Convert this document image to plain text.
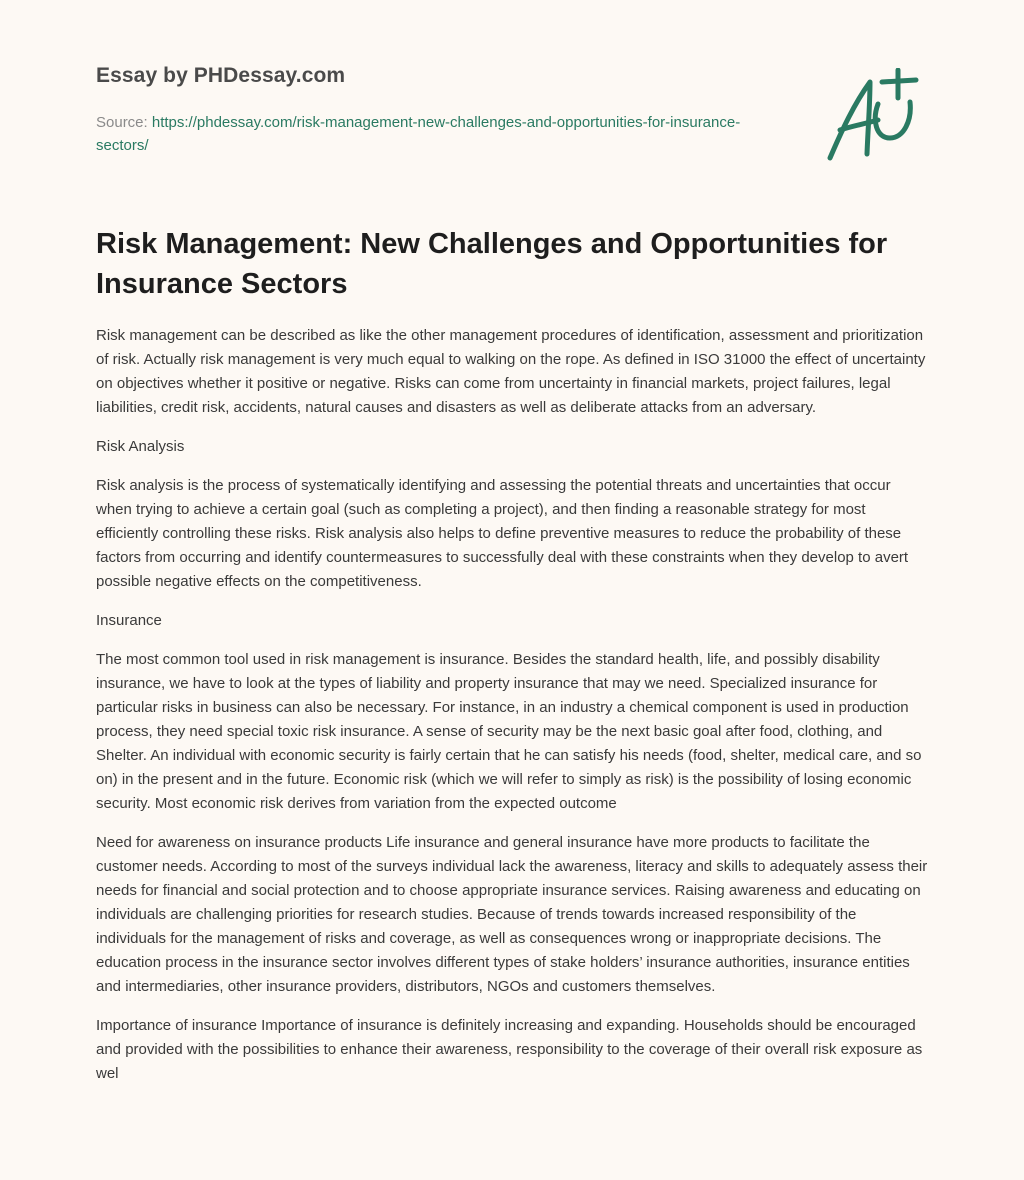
Essay by PHDessay.com

Source: https://phdessay.com/risk-management-new-challenges-and-opportunities-for-insurance-sectors/

Risk Management: New Challenges and Opportunities for Insurance Sectors

Risk management can be described as like the other management procedures of identification, assessment and prioritization of risk. Actually risk management is very much equal to walking on the rope. As defined in ISO 31000 the effect of uncertainty on objectives whether it positive or negative. Risks can come from uncertainty in financial markets, project failures, legal liabilities, credit risk, accidents, natural causes and disasters as well as deliberate attacks from an adversary.

Risk Analysis

Risk analysis is the process of systematically identifying and assessing the potential threats and uncertainties that occur when trying to achieve a certain goal (such as completing a project), and then finding a reasonable strategy for most efficiently controlling these risks. Risk analysis also helps to define preventive measures to reduce the probability of these factors from occurring and identify countermeasures to successfully deal with these constraints when they develop to avert possible negative effects on the competitiveness.

Insurance

The most common tool used in risk management is insurance. Besides the standard health, life, and possibly disability insurance, we have to look at the types of liability and property insurance that may we need. Specialized insurance for particular risks in business can also be necessary. For instance, in an industry a chemical component is used in production process, they need special toxic risk insurance. A sense of security may be the next basic goal after food, clothing, and Shelter. An individual with economic security is fairly certain that he can satisfy his needs (food, shelter, medical care, and so on) in the present and in the future. Economic risk (which we will refer to simply as risk) is the possibility of losing economic security. Most economic risk derives from variation from the expected outcome

Need for awareness on insurance products Life insurance and general insurance have more products to facilitate the customer needs. According to most of the surveys individual lack the awareness, literacy and skills to adequately assess their needs for financial and social protection and to choose appropriate insurance services. Raising awareness and educating on individuals are challenging priorities for research studies. Because of trends towards increased responsibility of the individuals for the management of risks and coverage, as well as consequences wrong or inappropriate decisions. The education process in the insurance sector involves different types of stake holders’ insurance authorities, insurance entities and intermediaries, other insurance providers, distributors, NGOs and customers themselves.

Importance of insurance Importance of insurance is definitely increasing and expanding. Households should be encouraged and provided with the possibilities to enhance their awareness, responsibility to the coverage of their overall risk exposure as wel
